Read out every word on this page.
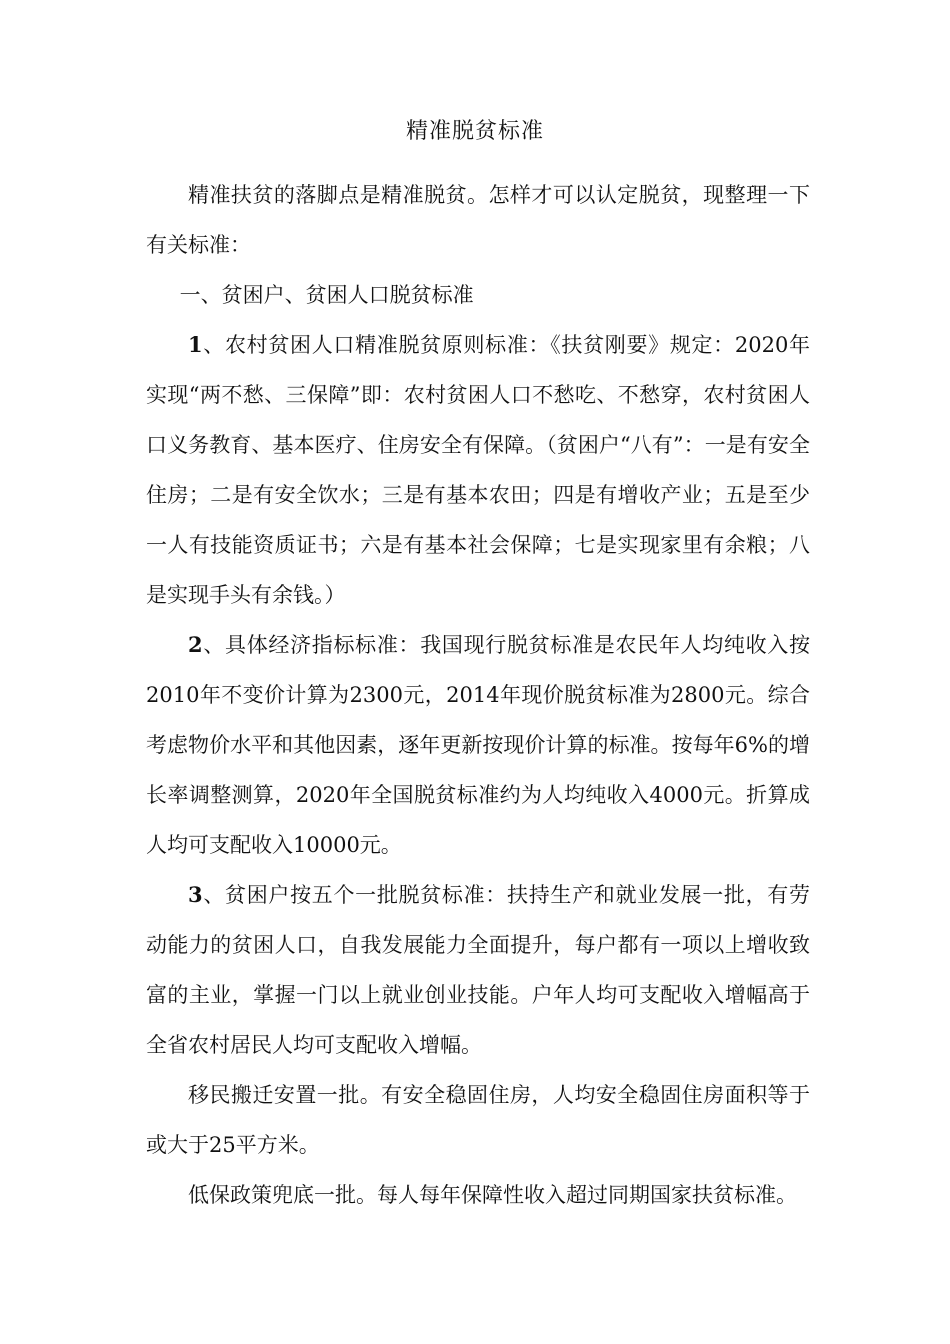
精准脱贫标准

精准扶贫的落脚点是精准脱贫。怎样才可以认定脱贫，现整理一下有关标准：

一、贫困户、贫困人口脱贫标准

1、农村贫困人口精准脱贫原则标准：《扶贫刚要》规定：2020年实现“两不愁、三保障”即：农村贫困人口不愁吃、不愁穿，农村贫困人口义务教育、基本医疗、住房安全有保障。（贫困户“八有”：一是有安全住房；二是有安全饮水；三是有基本农田；四是有增收产业；五是至少一人有技能资质证书；六是有基本社会保障；七是实现家里有余粮；八是实现手头有余钱。）

2、具体经济指标标准：我国现行脱贫标准是农民年人均纯收入按2010年不变价计算为2300元，2014年现价脱贫标准为2800元。综合考虑物价水平和其他因素，逐年更新按现价计算的标准。按每年6%的增长率调整测算，2020年全国脱贫标准约为人均纯收入4000元。折算成人均可支配收入10000元。

3、贫困户按五个一批脱贫标准：扶持生产和就业发展一批，有劳动能力的贫困人口，自我发展能力全面提升，每户都有一项以上增收致富的主业，掌握一门以上就业创业技能。户年人均可支配收入增幅高于全省农村居民人均可支配收入增幅。

移民搬迁安置一批。有安全稳固住房，人均安全稳固住房面积等于或大于25平方米。

低保政策兜底一批。每人每年保障性收入超过同期国家扶贫标准。
